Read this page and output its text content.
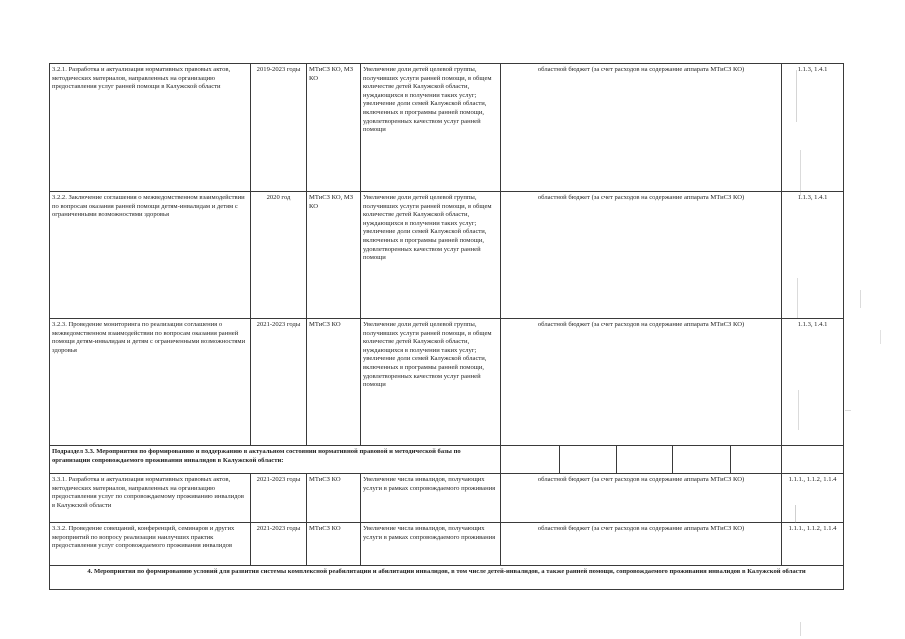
3.2.1. Разработка и актуализация нормативных правовых актов, методических материалов, направленных на организацию предоставления услуг ранней помощи в Калужской области	2019-2023 годы	МТиСЗ КО, МЗ КО	Увеличение доли детей целевой группы, получивших услуги ранней помощи, в общем количестве детей Калужской области, нуждающихся в получении таких услуг; увеличение доли семей Калужской области, включенных в программы ранней помощи, удовлетворенных качеством услуг ранней помощи	областной бюджет (за счет расходов на содержание аппарата МТиСЗ КО)					1.1.3, 1.4.1
3.2.2. Заключение соглашения о межведомственном взаимодействии по вопросам оказания ранней помощи детям-инвалидам и детям с ограниченными возможностями здоровья	2020 год	МТиСЗ КО, МЗ КО	Увеличение доли детей целевой группы, получивших услуги ранней помощи, в общем количестве детей Калужской области, нуждающихся в получении таких услуг; увеличение доли семей Калужской области, включенных в программы ранней помощи, удовлетворенных качеством услуг ранней помощи	областной бюджет (за счет расходов на содержание аппарата МТиСЗ КО)					1.1.3, 1.4.1
3.2.3. Проведение мониторинга по реализации соглашения о межведомственном взаимодействии по вопросам оказания ранней помощи детям-инвалидам и детям с ограниченными возможностями здоровья	2021-2023 годы	МТиСЗ КО	Увеличение доли детей целевой группы, получивших услуги ранней помощи, в общем количестве детей Калужской области, нуждающихся в получении таких услуг; увеличение доли семей Калужской области, включенных в программы ранней помощи, удовлетворенных качеством услуг ранней помощи	областной бюджет (за счет расходов на содержание аппарата МТиСЗ КО)					1.1.3, 1.4.1
Подраздел 3.3. Мероприятия по формированию и поддержанию в актуальном состоянии нормативной правовой и методической базы по организации сопровождаемого проживания инвалидов в Калужской области:									
3.3.1. Разработка и актуализация нормативных правовых актов, методических материалов, направленных на организацию предоставления услуг по сопровождаемому проживанию инвалидов в Калужской области	2021-2023 годы	МТиСЗ КО	Увеличение числа инвалидов, получающих услуги в рамках сопровождаемого проживания	областной бюджет (за счет расходов на содержание аппарата МТиСЗ КО)					1.1.1., 1.1.2, 1.1.4
3.3.2. Проведение совещаний, конференций, семинаров и других мероприятий по вопросу реализации наилучших практик предоставления услуг сопровождаемого проживания инвалидов	2021-2023 годы	МТиСЗ КО	Увеличение числа инвалидов, получающих услуги в рамках сопровождаемого проживания	областной бюджет (за счет расходов на содержание аппарата МТиСЗ КО)					1.1.1., 1.1.2, 1.1.4
4. Мероприятия по формированию условий для развития системы комплексной реабилитации и абилитации инвалидов, в том числе детей-инвалидов, а также ранней помощи, сопровождаемого проживания инвалидов в Калужской области									
